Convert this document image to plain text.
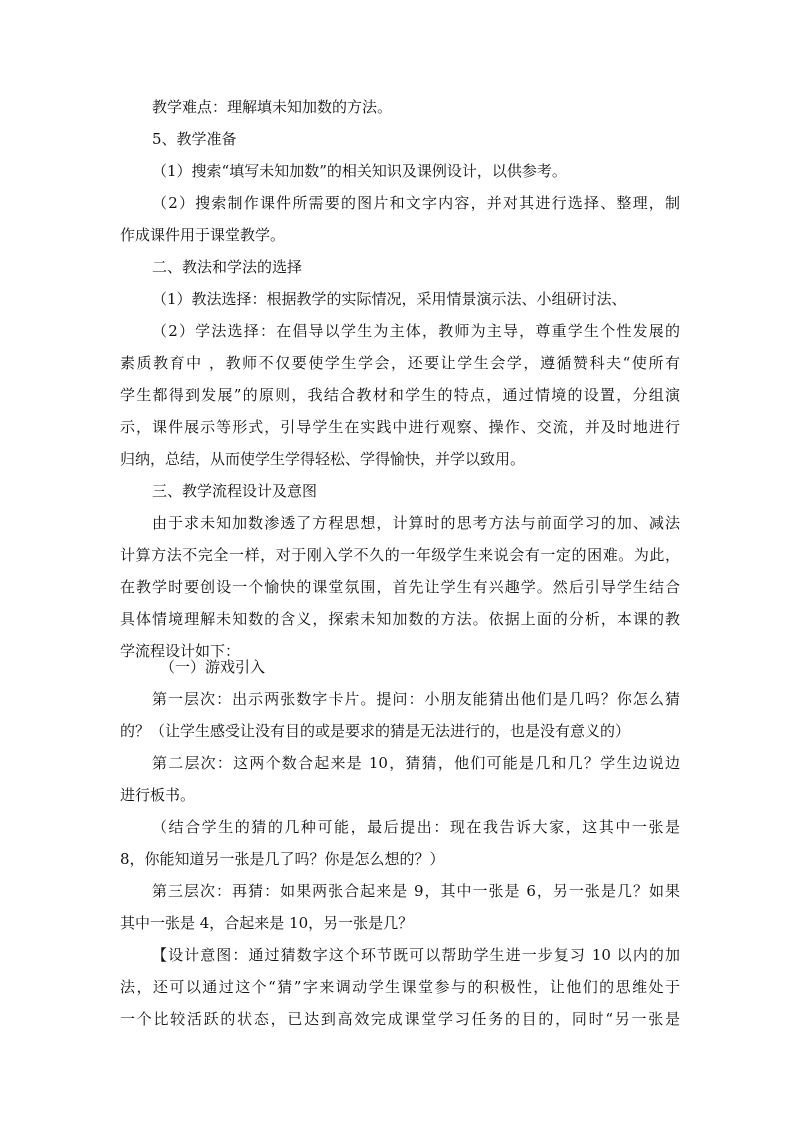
教学难点：理解填未知加数的方法。
5、教学准备
（1）搜索“填写未知加数”的相关知识及课例设计，以供参考。
（2）搜索制作课件所需要的图片和文字内容，并对其进行选择、整理，制
作成课件用于课堂教学。
二、教法和学法的选择
（1）教法选择：根据教学的实际情况，采用情景演示法、小组研讨法、
（2）学法选择：在倡导以学生为主体，教师为主导，尊重学生个性发展的
素质教育中 ，教师不仅要使学生学会，还要让学生会学，遵循赞科夫“使所有
学生都得到发展”的原则，我结合教材和学生的特点，通过情境的设置，分组演
示，课件展示等形式，引导学生在实践中进行观察、操作、交流，并及时地进行
归纳，总结，从而使学生学得轻松、学得愉快，并学以致用。
三、教学流程设计及意图
由于求未知加数渗透了方程思想，计算时的思考方法与前面学习的加、减法
计算方法不完全一样，对于刚入学不久的一年级学生来说会有一定的困难。为此，
在教学时要创设一个愉快的课堂氛围，首先让学生有兴趣学。然后引导学生结合
具体情境理解未知数的含义，探索未知加数的方法。依据上面的分析，本课的教
学流程设计如下：
（一）游戏引入
第一层次：出示两张数字卡片。提问：小朋友能猜出他们是几吗？你怎么猜
的？（让学生感受让没有目的或是要求的猜是无法进行的，也是没有意义的）
第二层次：这两个数合起来是 10，猜猜，他们可能是几和几？学生边说边
进行板书。
（结合学生的猜的几种可能，最后提出：现在我告诉大家，这其中一张是
8，你能知道另一张是几了吗？你是怎么想的？）
第三层次：再猜：如果两张合起来是 9，其中一张是 6，另一张是几？如果
其中一张是 4，合起来是 10，另一张是几？
【设计意图：通过猜数字这个环节既可以帮助学生进一步复习 10 以内的加
法，还可以通过这个“猜”字来调动学生课堂参与的积极性，让他们的思维处于
一个比较活跃的状态，已达到高效完成课堂学习任务的目的，同时“另一张是
